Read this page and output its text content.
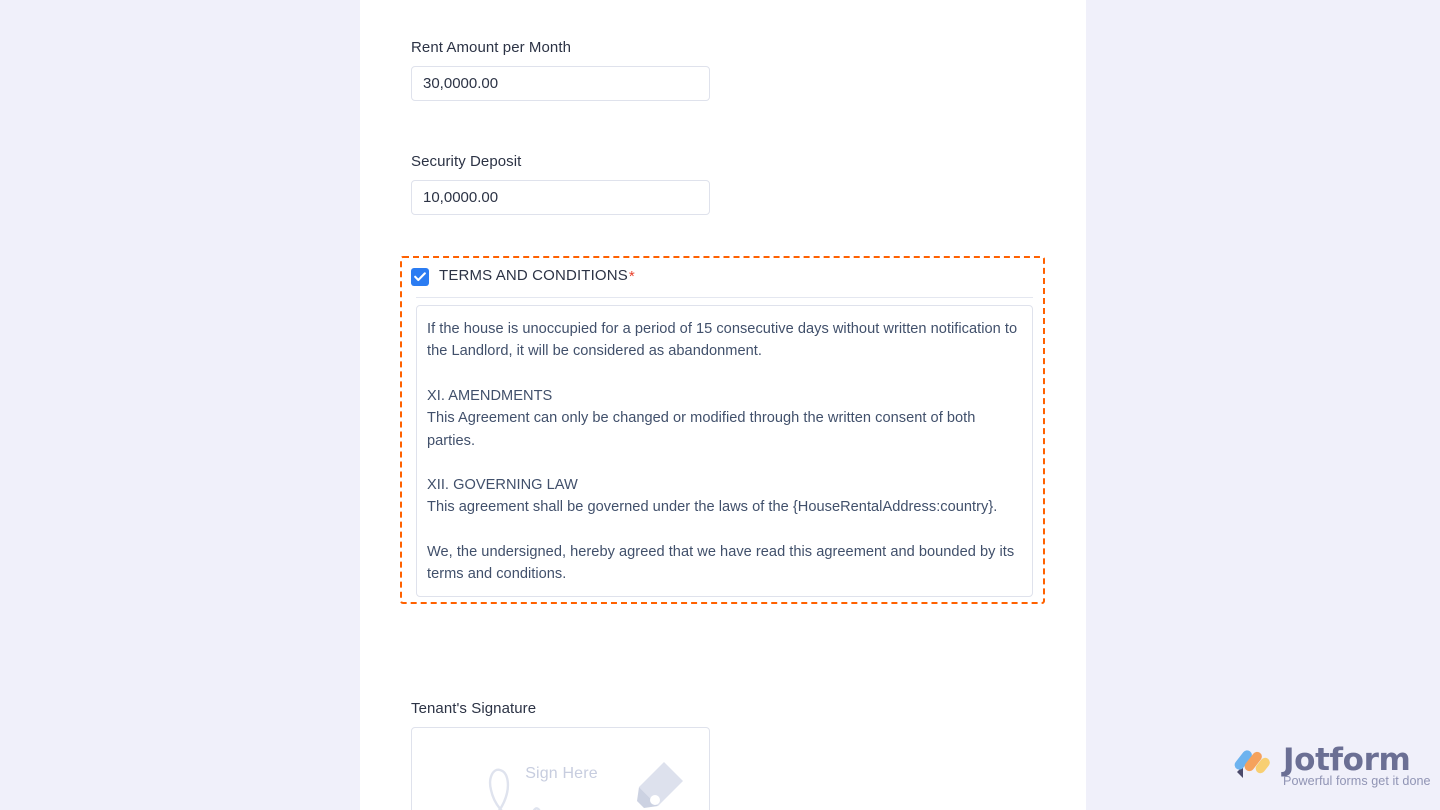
Rent Amount per Month
30,0000.00
Security Deposit
10,0000.00
Tenant's Signature
Sign Here
TERMS AND CONDITIONS*

If the house is unoccupied for a period of 15 consecutive days without written notification to the Landlord, it will be considered as abandonment.

XI. AMENDMENTS

This Agreement can only be changed or modified through the written consent of both parties.

XII. GOVERNING LAW

This agreement shall be governed under the laws of the {HouseRentalAddress:country}.

We, the undersigned, hereby agreed that we have read this agreement and bounded by its terms and conditions.

Jotform
Powerful forms get it done
